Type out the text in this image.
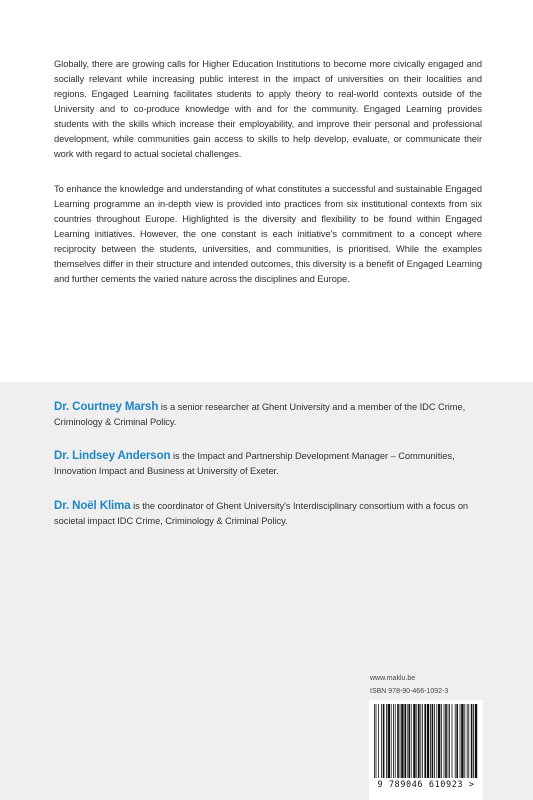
Globally, there are growing calls for Higher Education Institutions to become more civically engaged and socially relevant while increasing public interest in the impact of universities on their localities and regions. Engaged Learning facilitates students to apply theory to real-world contexts outside of the University and to co-produce knowledge with and for the community. Engaged Learning provides students with the skills which increase their employability, and improve their personal and professional development, while communities gain access to skills to help develop, evaluate, or communicate their work with regard to actual societal challenges.

To enhance the knowledge and understanding of what constitutes a successful and sustainable Engaged Learning programme an in-depth view is provided into practices from six institutional contexts from six countries throughout Europe. Highlighted is the diversity and flexibility to be found within Engaged Learning initiatives. However, the one constant is each initiative's commitment to a concept where reciprocity between the students, universities, and communities, is prioritised. While the examples themselves differ in their structure and intended outcomes, this diversity is a benefit of Engaged Learning and further cements the varied nature across the disciplines and Europe.

Dr. Courtney Marsh is a senior researcher at Ghent University and a member of the IDC Crime, Criminology & Criminal Policy.

Dr. Lindsey Anderson is the Impact and Partnership Development Manager – Communities, Innovation Impact and Business at University of Exeter.

Dr. Noël Klima is the coordinator of Ghent University's Interdisciplinary consortium with a focus on societal impact IDC Crime, Criminology & Criminal Policy.

www.maklu.be
ISBN 978-90-466-1092-3
9 789046 610923 >
